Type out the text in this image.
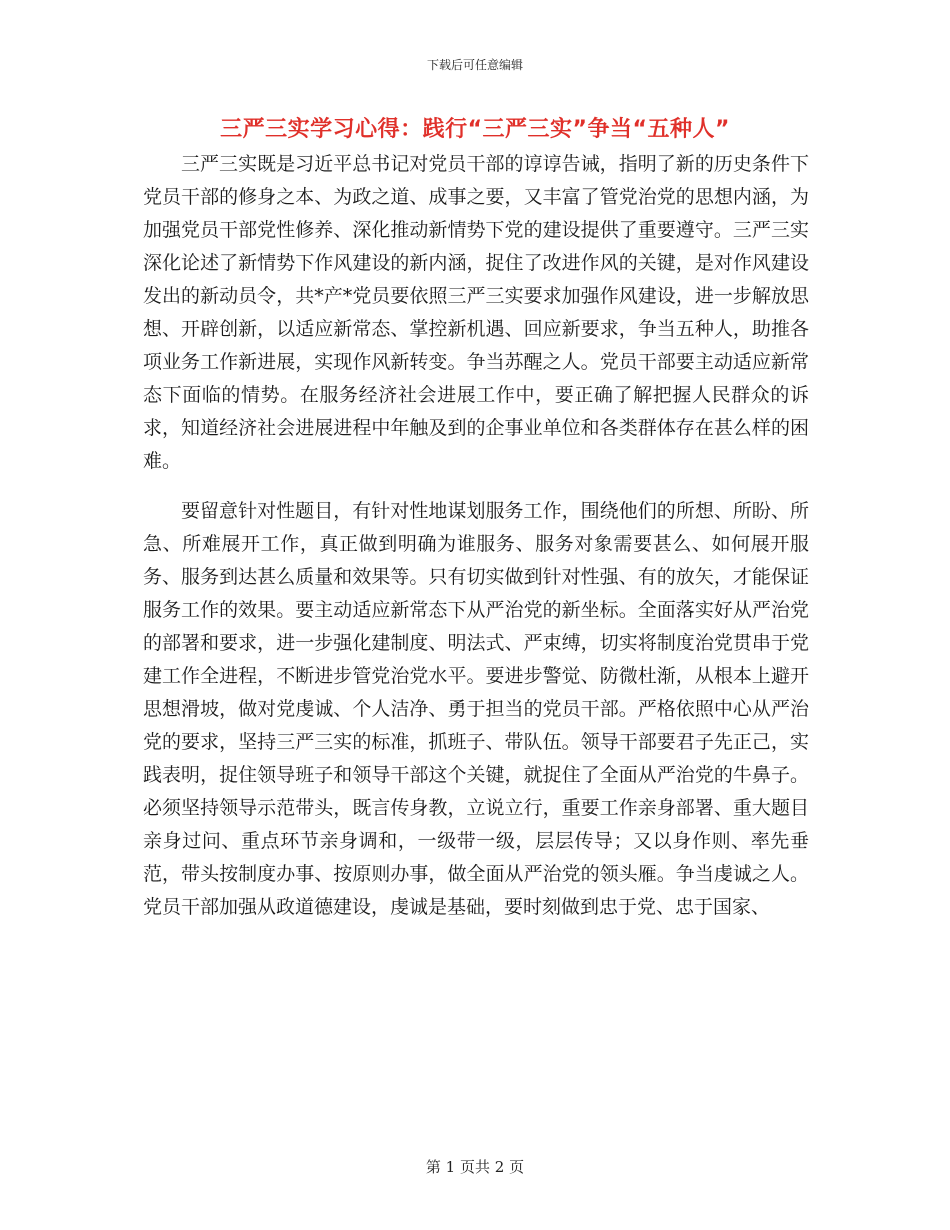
下载后可任意编辑
三严三实学习心得：践行“三严三实”争当“五种人”

三严三实既是习近平总书记对党员干部的谆谆告诫，指明了新的历史条件下党员干部的修身之本、为政之道、成事之要，又丰富了管党治党的思想内涵，为加强党员干部党性修养、深化推动新情势下党的建设提供了重要遵守。三严三实深化论述了新情势下作风建设的新内涵，捉住了改进作风的关键，是对作风建设发出的新动员令，共*产*党员要依照三严三实要求加强作风建设，进一步解放思想、开辟创新，以适应新常态、掌控新机遇、回应新要求，争当五种人，助推各项业务工作新进展，实现作风新转变。争当苏醒之人。党员干部要主动适应新常态下面临的情势。在服务经济社会进展工作中，要正确了解把握人民群众的诉求，知道经济社会进展进程中年触及到的企事业单位和各类群体存在甚么样的困难。

要留意针对性题目，有针对性地谋划服务工作，围绕他们的所想、所盼、所急、所难展开工作，真正做到明确为谁服务、服务对象需要甚么、如何展开服务、服务到达甚么质量和效果等。只有切实做到针对性强、有的放矢，才能保证服务工作的效果。要主动适应新常态下从严治党的新坐标。全面落实好从严治党的部署和要求，进一步强化建制度、明法式、严束缚，切实将制度治党贯串于党建工作全进程，不断进步管党治党水平。要进步警觉、防微杜渐，从根本上避开思想滑坡，做对党虔诚、个人洁净、勇于担当的党员干部。严格依照中心从严治党的要求，坚持三严三实的标准，抓班子、带队伍。领导干部要君子先正己，实践表明，捉住领导班子和领导干部这个关键，就捉住了全面从严治党的牛鼻子。必须坚持领导示范带头，既言传身教，立说立行，重要工作亲身部署、重大题目亲身过问、重点环节亲身调和，一级带一级，层层传导；又以身作则、率先垂范，带头按制度办事、按原则办事，做全面从严治党的领头雁。争当虔诚之人。党员干部加强从政道德建设，虔诚是基础，要时刻做到忠于党、忠于国家、

第 1 页共 2 页
